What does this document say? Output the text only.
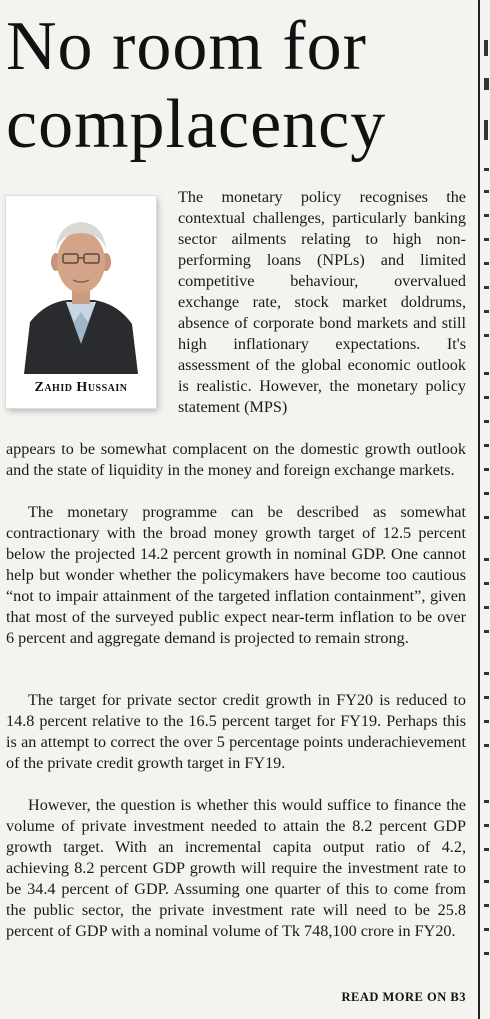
No room for complacency
Zahid Hussain

The monetary policy recognises the contextual challenges, particularly banking sector ailments relating to high non-performing loans (NPLs) and limited competitive behaviour, overvalued exchange rate, stock market doldrums, absence of corporate bond markets and still high inflationary expectations. It's assessment of the global economic outlook is realistic. However, the monetary policy statement (MPS)

appears to be somewhat complacent on the domestic growth outlook and the state of liquidity in the money and foreign exchange markets.

The monetary programme can be described as somewhat contractionary with the broad money growth target of 12.5 percent below the projected 14.2 percent growth in nominal GDP. One cannot help but wonder whether the policymakers have become too cautious “not to impair attainment of the targeted inflation containment”, given that most of the surveyed public expect near-term inflation to be over 6 percent and aggregate demand is projected to remain strong.

The target for private sector credit growth in FY20 is reduced to 14.8 percent relative to the 16.5 percent target for FY19. Perhaps this is an attempt to correct the over 5 percentage points underachievement of the private credit growth target in FY19.

However, the question is whether this would suffice to finance the volume of private investment needed to attain the 8.2 percent GDP growth target. With an incremental capita output ratio of 4.2, achieving 8.2 percent GDP growth will require the investment rate to be 34.4 percent of GDP. Assuming one quarter of this to come from the public sector, the private investment rate will need to be 25.8 percent of GDP with a nominal volume of Tk 748,100 crore in FY20.

READ MORE ON B3
